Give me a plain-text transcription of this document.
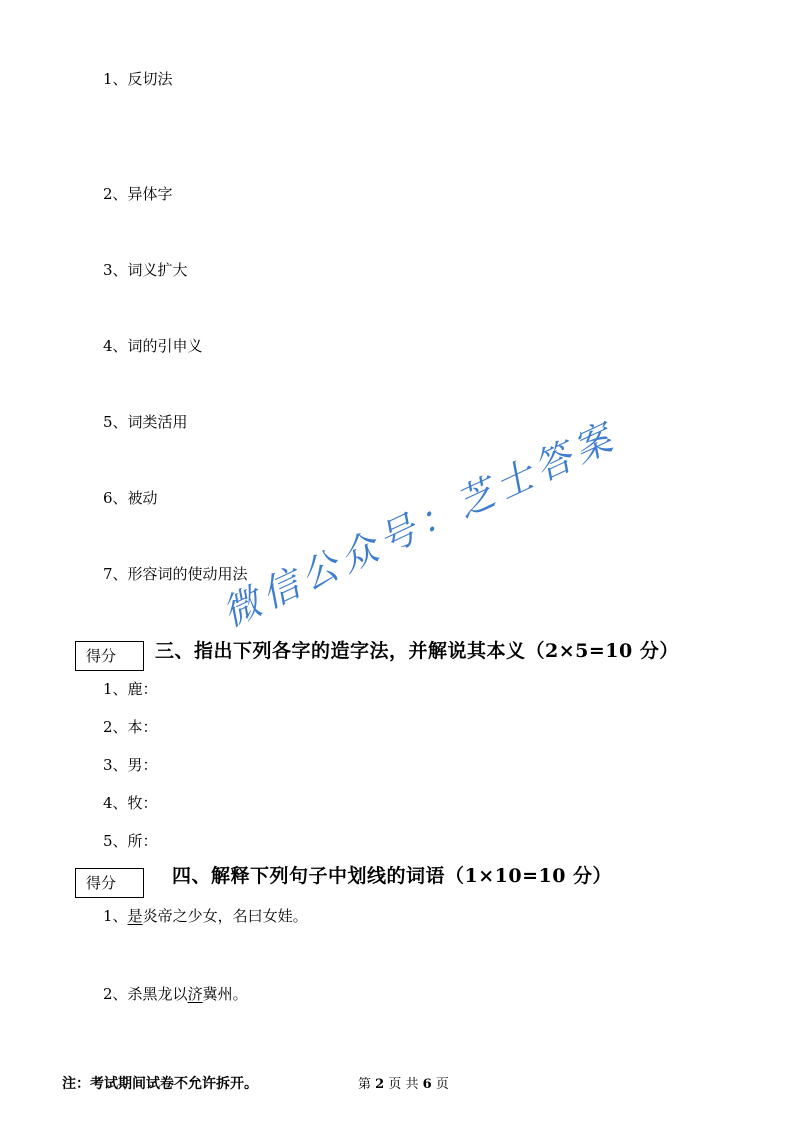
1、反切法
2、异体字
3、词义扩大
4、词的引申义
5、词类活用
6、被动
7、形容词的使动用法
得分	三、指出下列各字的造字法，并解说其本义（2×5=10 分）
1、鹿：
2、本：
3、男：
4、牧：
5、所：
得分	四、解释下列句子中划线的词语（1×10=10 分）
1、是炎帝之少女，名曰女娃。
2、杀黑龙以济冀州。
微信公众号：芝士答案
注：考试期间试卷不允许拆开。	第 2 页 共 6 页
